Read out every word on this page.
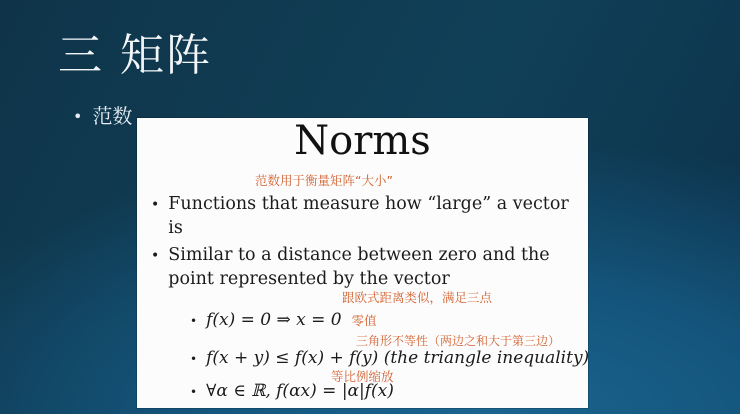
三 矩阵
• 范数
Norms
范数用于衡量矩阵“大小”
• Functions that measure how “large” a vector is
• Similar to a distance between zero and the point represented by the vector
跟欧式距离类似，满足三点
• f(x) = 0 ⇒ x = 0 零值
三角形不等性（两边之和大于第三边）
• f(x + y) ≤ f(x) + f(y) (the triangle inequality)
等比例缩放
• ∀α ∈ ℝ, f(αx) = |α|f(x)
